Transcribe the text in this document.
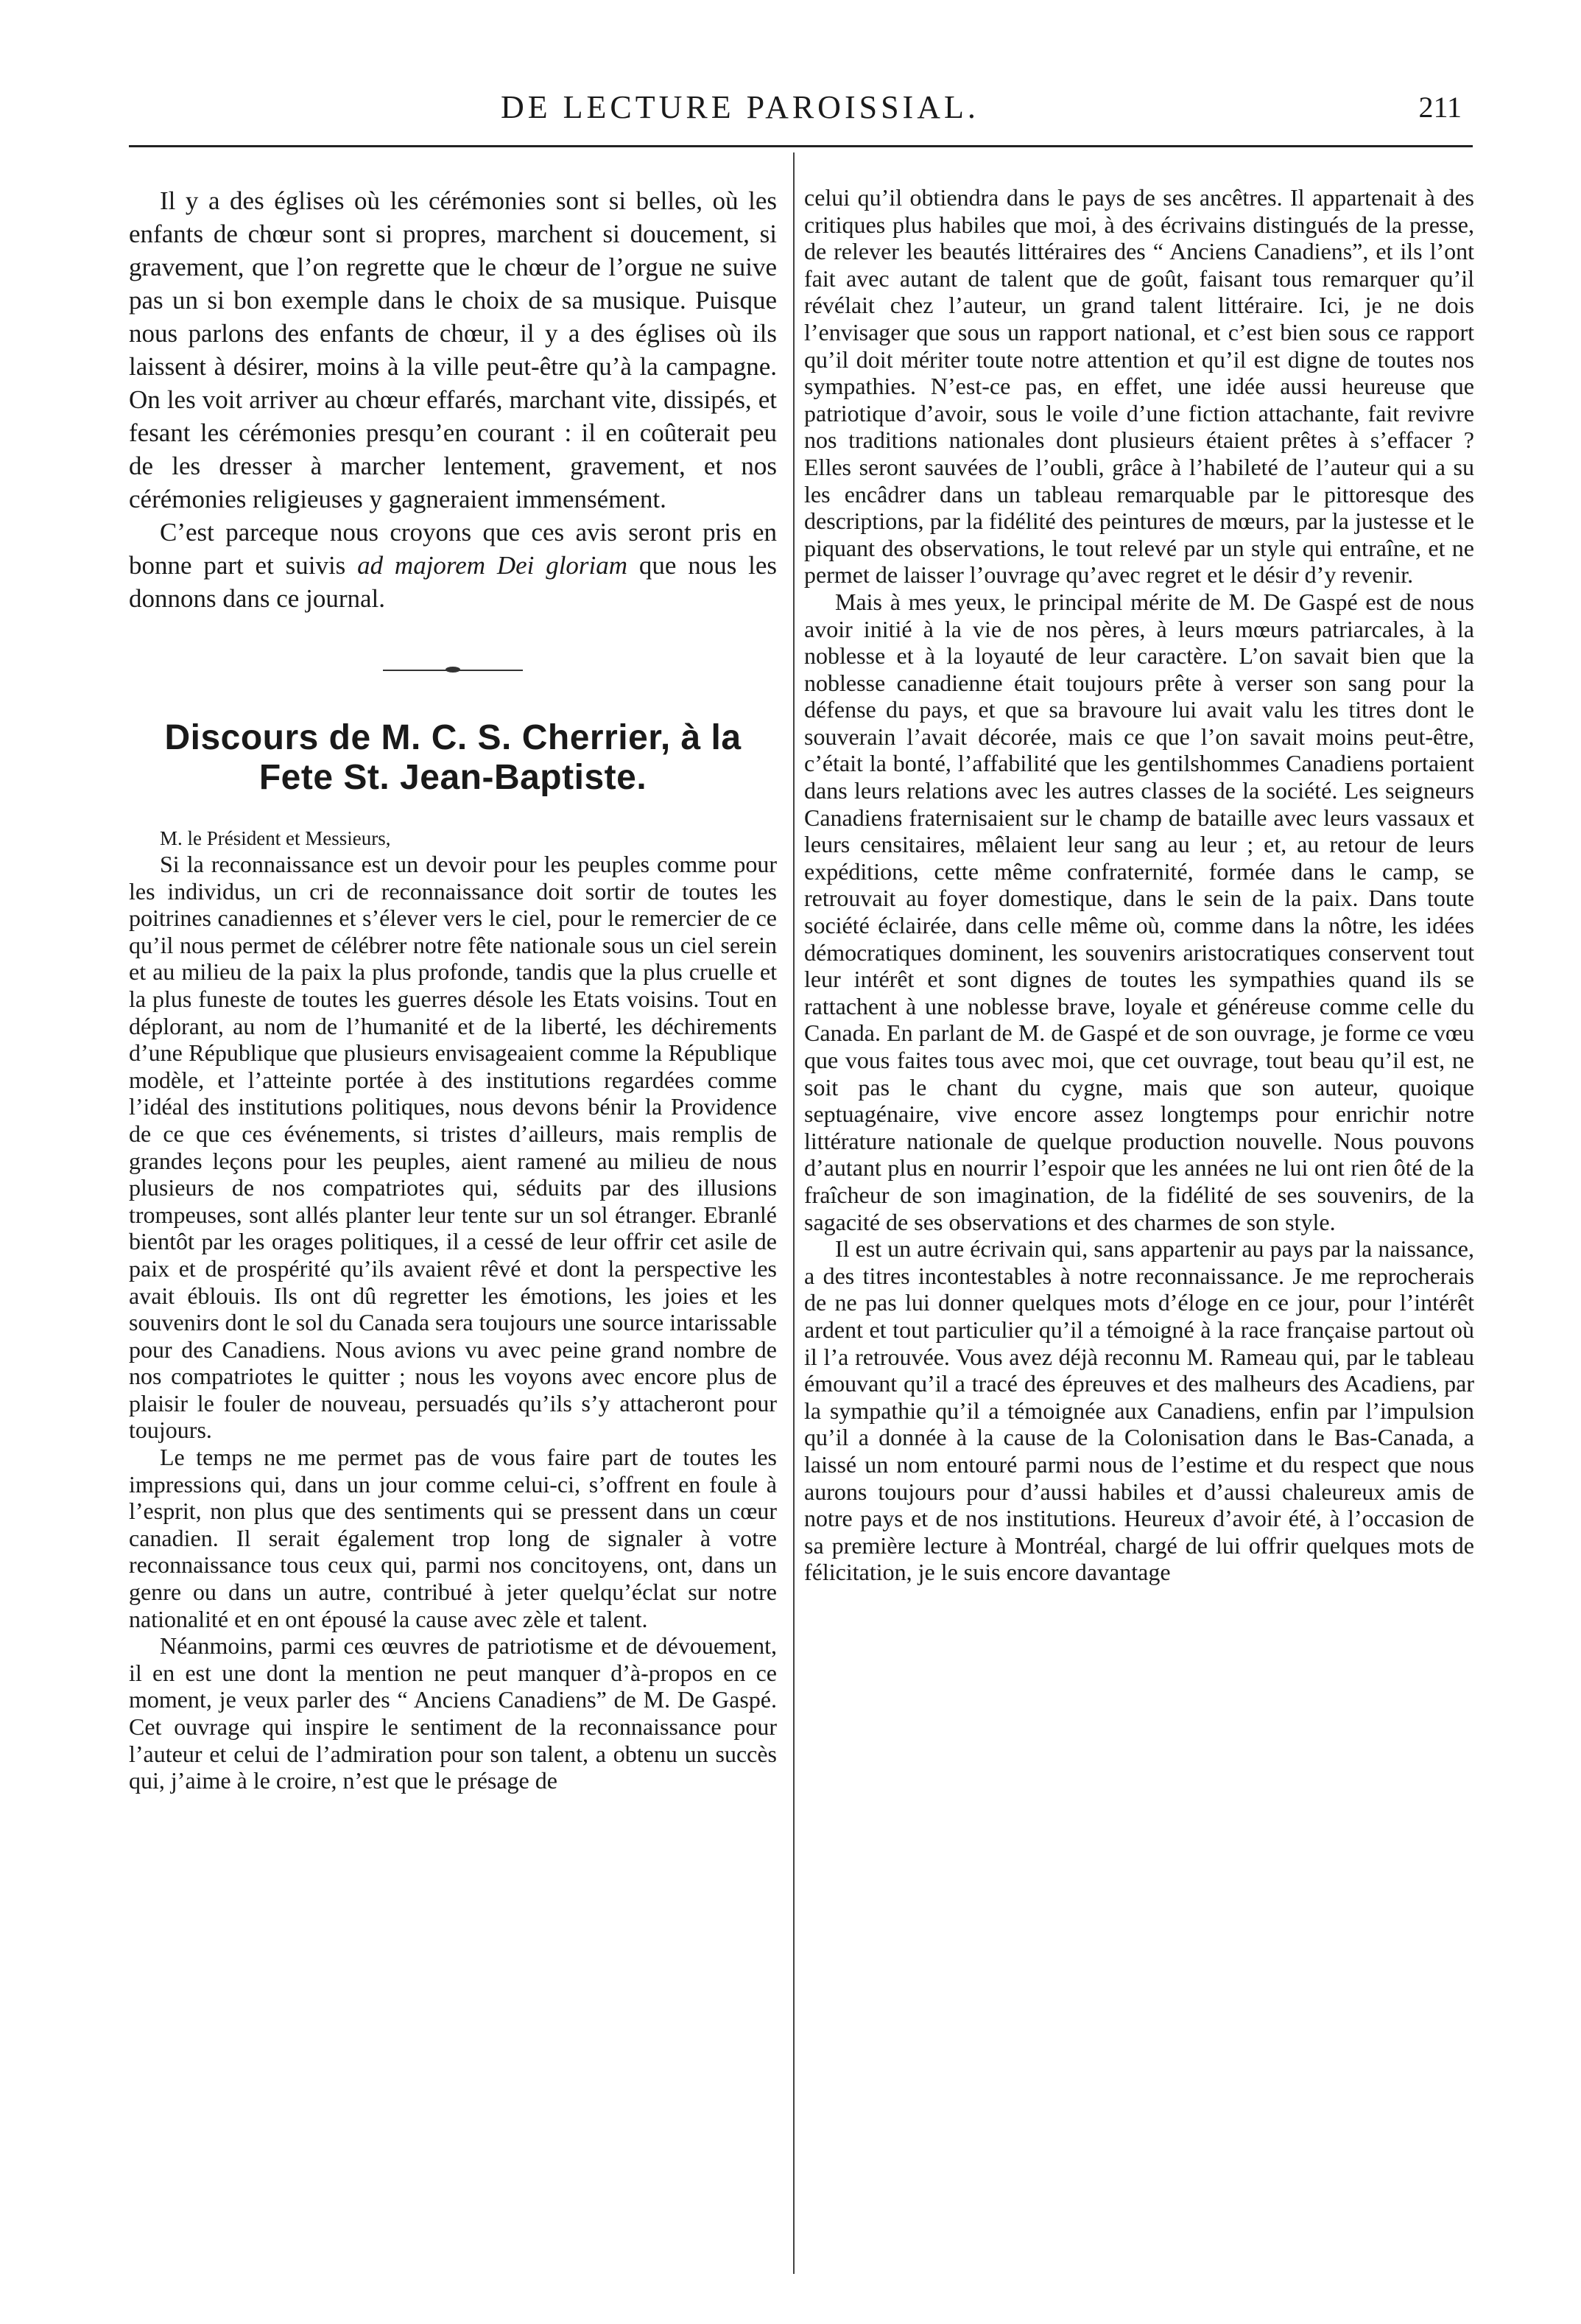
DE LECTURE PAROISSIAL.	211

Il y a des églises où les cérémonies sont si belles, où les enfants de chœur sont si propres, marchent si doucement, si gravement, que l’on regrette que le chœur de l’orgue ne suive pas un si bon exemple dans le choix de sa musique. Puisque nous parlons des enfants de chœur, il y a des églises où ils laissent à désirer, moins à la ville peut-être qu’à la campagne. On les voit arriver au chœur effarés, marchant vite, dissipés, et fesant les cérémonies presqu’en courant : il en coûterait peu de les dresser à marcher lentement, gravement, et nos cérémonies religieuses y gagneraient immensément.

C’est parceque nous croyons que ces avis seront pris en bonne part et suivis ad majorem Dei gloriam que nous les donnons dans ce journal.

Discours de M. C. S. Cherrier, à la Fete St. Jean-Baptiste.

M. le Président et Messieurs,

Si la reconnaissance est un devoir pour les peuples comme pour les individus, un cri de reconnaissance doit sortir de toutes les poitrines canadiennes et s’élever vers le ciel, pour le remercier de ce qu’il nous permet de célébrer notre fête nationale sous un ciel serein et au milieu de la paix la plus profonde, tandis que la plus cruelle et la plus funeste de toutes les guerres désole les Etats voisins. Tout en déplorant, au nom de l’humanité et de la liberté, les déchirements d’une République que plusieurs envisageaient comme la République modèle, et l’atteinte portée à des institutions regardées comme l’idéal des institutions politiques, nous devons bénir la Providence de ce que ces événements, si tristes d’ailleurs, mais remplis de grandes leçons pour les peuples, aient ramené au milieu de nous plusieurs de nos compatriotes qui, séduits par des illusions trompeuses, sont allés planter leur tente sur un sol étranger. Ebranlé bientôt par les orages politiques, il a cessé de leur offrir cet asile de paix et de prospérité qu’ils avaient rêvé et dont la perspective les avait éblouis. Ils ont dû regretter les émotions, les joies et les souvenirs dont le sol du Canada sera toujours une source intarissable pour des Canadiens. Nous avions vu avec peine grand nombre de nos compatriotes le quitter ; nous les voyons avec encore plus de plaisir le fouler de nouveau, persuadés qu’ils s’y attacheront pour toujours.

Le temps ne me permet pas de vous faire part de toutes les impressions qui, dans un jour comme celui-ci, s’offrent en foule à l’esprit, non plus que des sentiments qui se pressent dans un cœur canadien. Il serait également trop long de signaler à votre reconnaissance tous ceux qui, parmi nos concitoyens, ont, dans un genre ou dans un autre, contribué à jeter quelqu’éclat sur notre nationalité et en ont épousé la cause avec zèle et talent.

Néanmoins, parmi ces œuvres de patriotisme et de dévouement, il en est une dont la mention ne peut manquer d’à-propos en ce moment, je veux parler des “ Anciens Canadiens” de M. De Gaspé. Cet ouvrage qui inspire le sentiment de la reconnaissance pour l’auteur et celui de l’admiration pour son talent, a obtenu un succès qui, j’aime à le croire, n’est que le présage de

celui qu’il obtiendra dans le pays de ses ancêtres. Il appartenait à des critiques plus habiles que moi, à des écrivains distingués de la presse, de relever les beautés littéraires des “ Anciens Canadiens”, et ils l’ont fait avec autant de talent que de goût, faisant tous remarquer qu’il révélait chez l’auteur, un grand talent littéraire. Ici, je ne dois l’envisager que sous un rapport national, et c’est bien sous ce rapport qu’il doit mériter toute notre attention et qu’il est digne de toutes nos sympathies. N’est-ce pas, en effet, une idée aussi heureuse que patriotique d’avoir, sous le voile d’une fiction attachante, fait revivre nos traditions nationales dont plusieurs étaient prêtes à s’effacer ? Elles seront sauvées de l’oubli, grâce à l’habileté de l’auteur qui a su les encâdrer dans un tableau remarquable par le pittoresque des descriptions, par la fidélité des peintures de mœurs, par la justesse et le piquant des observations, le tout relevé par un style qui entraîne, et ne permet de laisser l’ouvrage qu’avec regret et le désir d’y revenir.

Mais à mes yeux, le principal mérite de M. De Gaspé est de nous avoir initié à la vie de nos pères, à leurs mœurs patriarcales, à la noblesse et à la loyauté de leur caractère. L’on savait bien que la noblesse canadienne était toujours prête à verser son sang pour la défense du pays, et que sa bravoure lui avait valu les titres dont le souverain l’avait décorée, mais ce que l’on savait moins peut-être, c’était la bonté, l’affabilité que les gentilshommes Canadiens portaient dans leurs relations avec les autres classes de la société. Les seigneurs Canadiens fraternisaient sur le champ de bataille avec leurs vassaux et leurs censitaires, mêlaient leur sang au leur ; et, au retour de leurs expéditions, cette même confraternité, formée dans le camp, se retrouvait au foyer domestique, dans le sein de la paix. Dans toute société éclairée, dans celle même où, comme dans la nôtre, les idées démocratiques dominent, les souvenirs aristocratiques conservent tout leur intérêt et sont dignes de toutes les sympathies quand ils se rattachent à une noblesse brave, loyale et généreuse comme celle du Canada. En parlant de M. de Gaspé et de son ouvrage, je forme ce vœu que vous faites tous avec moi, que cet ouvrage, tout beau qu’il est, ne soit pas le chant du cygne, mais que son auteur, quoique septuagénaire, vive encore assez longtemps pour enrichir notre littérature nationale de quelque production nouvelle. Nous pouvons d’autant plus en nourrir l’espoir que les années ne lui ont rien ôté de la fraîcheur de son imagination, de la fidélité de ses souvenirs, de la sagacité de ses observations et des charmes de son style.

Il est un autre écrivain qui, sans appartenir au pays par la naissance, a des titres incontestables à notre reconnaissance. Je me reprocherais de ne pas lui donner quelques mots d’éloge en ce jour, pour l’intérêt ardent et tout particulier qu’il a témoigné à la race française partout où il l’a retrouvée. Vous avez déjà reconnu M. Rameau qui, par le tableau émouvant qu’il a tracé des épreuves et des malheurs des Acadiens, par la sympathie qu’il a témoignée aux Canadiens, enfin par l’impulsion qu’il a donnée à la cause de la Colonisation dans le Bas-Canada, a laissé un nom entouré parmi nous de l’estime et du respect que nous aurons toujours pour d’aussi habiles et d’aussi chaleureux amis de notre pays et de nos institutions. Heureux d’avoir été, à l’occasion de sa première lecture à Montréal, chargé de lui offrir quelques mots de félicitation, je le suis encore davantage
